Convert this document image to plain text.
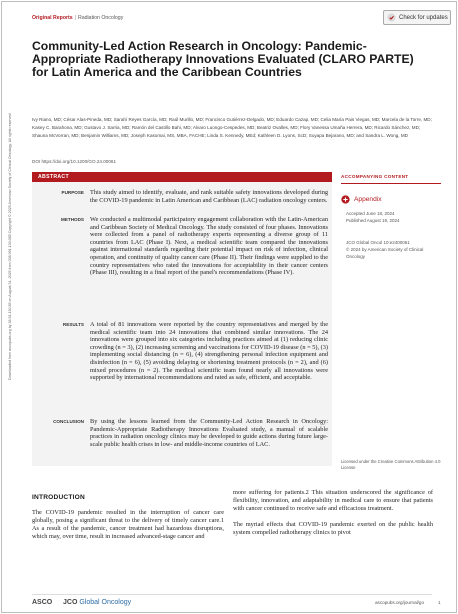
Original Reports | Radiation Oncology	Check for updates
Community-Led Action Research in Oncology: Pandemic-Appropriate Radiotherapy Innovations Evaluated (CLARO PARTE) for Latin America and the Caribbean Countries
Ivy Riano, MD; César Alas-Pineda, MD; Sarahí Reyes García, MD; Raúl Murillo, MD; Francisco Gutiérrez-Delgado, MD; Eduardo Cazap, MD; Celia María Pais Viegas, MD; Marcela de la Torre, MD; Kasey C. Barahona, MD; Gustavo J. Sarria, MD; Ramón del Castillo Bahi, MD; Alvaro Luongo-Cespedes, MD; Beatriz Ovalles, MD; Flory Vanessa Umaña Herrera, MD; Ricardo Sánchez, MD; Shauna McVorran, MD; Benjamin Williams, MD; Joseph Kasomai, MS, MBA, FACHE; Linda S. Kennedy, MEd; Kathleen D. Lyons, ScD; Suyapa Bejarano, MD; and Sandra L. Wong, MD
DOI https://doi.org/10.1200/GO.24.00061
Downloaded from ascopubs.org by 38.91.130.85 on August 31, 2025 from 038.091.130.085 Copyright © 2025 American Society of Clinical Oncology. All rights reserved.	ABSTRACT
PURPOSE This study aimed to identify, evaluate, and rank suitable safety innovations developed during the COVID-19 pandemic in Latin American and Caribbean (LAC) radiation oncology centers.
METHODS We conducted a multimodal participatory engagement collaboration with the Latin-American and Caribbean Society of Medical Oncology. The study consisted of four phases. Innovations were collected from a panel of radiotherapy experts representing a diverse group of 11 countries from LAC (Phase I). Next, a medical scientific team compared the innovations against international standards regarding their potential impact on risk of infection, clinical operation, and continuity of quality cancer care (Phase II). Their findings were supplied to the country representatives who rated the innovations for acceptability in their cancer centers (Phase III), resulting in a final report of the panel's recommendations (Phase IV).
RESULTS A total of 81 innovations were reported by the country representatives and merged by the medical scientific team into 24 innovations that combined similar innovations. The 24 innovations were grouped into six categories including practices aimed at (1) reducing clinic crowding (n = 3), (2) increasing screening and vaccinations for COVID-19 disease (n = 5), (3) implementing social distancing (n = 6), (4) strengthening personal infection equipment and disinfection (n = 6), (5) avoiding delaying or shortening treatment protocols (n = 2), and (6) mixed procedures (n = 2). The medical scientific team found nearly all innovations were supported by international recommendations and rated as safe, efficient, and acceptable.
CONCLUSION By using the lessons learned from the Community-Led Action Research in Oncology: Pandemic-Appropriate Radiotherapy Innovations Evaluated study, a manual of scalable practices in radiation oncology clinics may be developed to guide actions during future large-scale public health crises in low- and middle-income countries of LAC.
ACCOMPANYING CONTENT
Appendix
Accepted June 18, 2024
Published August 19, 2024
JCO Global Oncol 10:e2400061
© 2024 by American Society of Clinical Oncology
Licensed under the Creative Commons Attribution 4.0 License
INTRODUCTION
The COVID-19 pandemic resulted in the interruption of cancer care globally, posing a significant threat to the delivery of timely cancer care.1 As a result of the pandemic, cancer treatment had hazardous disruptions, which may, over time, result in increased advanced-stage cancer and

more suffering for patients.2 This situation underscored the significance of flexibility, innovation, and adaptability in medical care to ensure that patients with cancer continued to receive safe and efficacious treatment.

The myriad effects that COVID-19 pandemic exerted on the public health system compelled radiotherapy clinics to pivot

ASCO JCO Global Oncology	ascopubs.org/journal/go	1
